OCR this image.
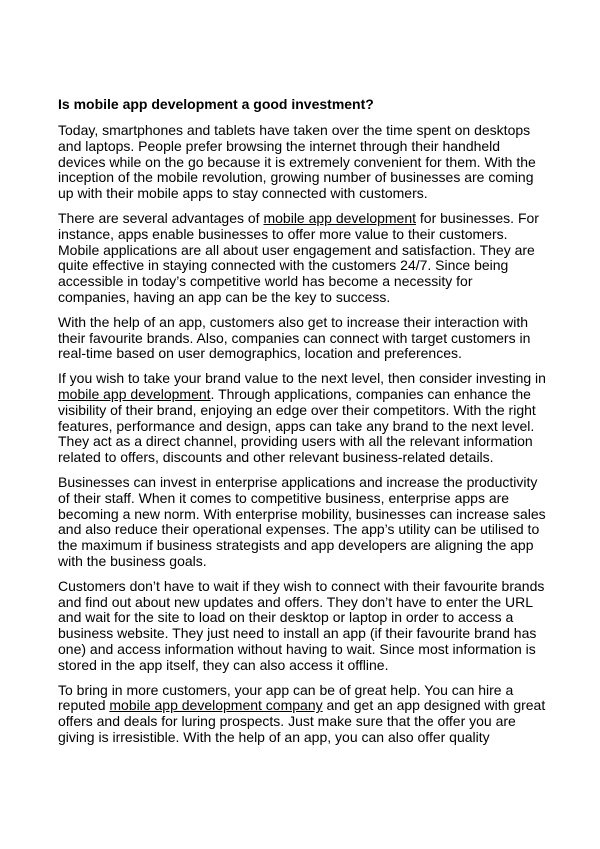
Is mobile app development a good investment?

Today, smartphones and tablets have taken over the time spent on desktops and laptops. People prefer browsing the internet through their handheld devices while on the go because it is extremely convenient for them. With the inception of the mobile revolution, growing number of businesses are coming up with their mobile apps to stay connected with customers.

There are several advantages of mobile app development for businesses. For instance, apps enable businesses to offer more value to their customers. Mobile applications are all about user engagement and satisfaction. They are quite effective in staying connected with the customers 24/7. Since being accessible in today’s competitive world has become a necessity for companies, having an app can be the key to success.

With the help of an app, customers also get to increase their interaction with their favourite brands. Also, companies can connect with target customers in real-time based on user demographics, location and preferences.

If you wish to take your brand value to the next level, then consider investing in mobile app development. Through applications, companies can enhance the visibility of their brand, enjoying an edge over their competitors. With the right features, performance and design, apps can take any brand to the next level. They act as a direct channel, providing users with all the relevant information related to offers, discounts and other relevant business-related details.

Businesses can invest in enterprise applications and increase the productivity of their staff. When it comes to competitive business, enterprise apps are becoming a new norm. With enterprise mobility, businesses can increase sales and also reduce their operational expenses. The app’s utility can be utilised to the maximum if business strategists and app developers are aligning the app with the business goals.

Customers don’t have to wait if they wish to connect with their favourite brands and find out about new updates and offers. They don’t have to enter the URL and wait for the site to load on their desktop or laptop in order to access a business website. They just need to install an app (if their favourite brand has one) and access information without having to wait. Since most information is stored in the app itself, they can also access it offline.

To bring in more customers, your app can be of great help. You can hire a reputed mobile app development company and get an app designed with great offers and deals for luring prospects. Just make sure that the offer you are giving is irresistible. With the help of an app, you can also offer quality
